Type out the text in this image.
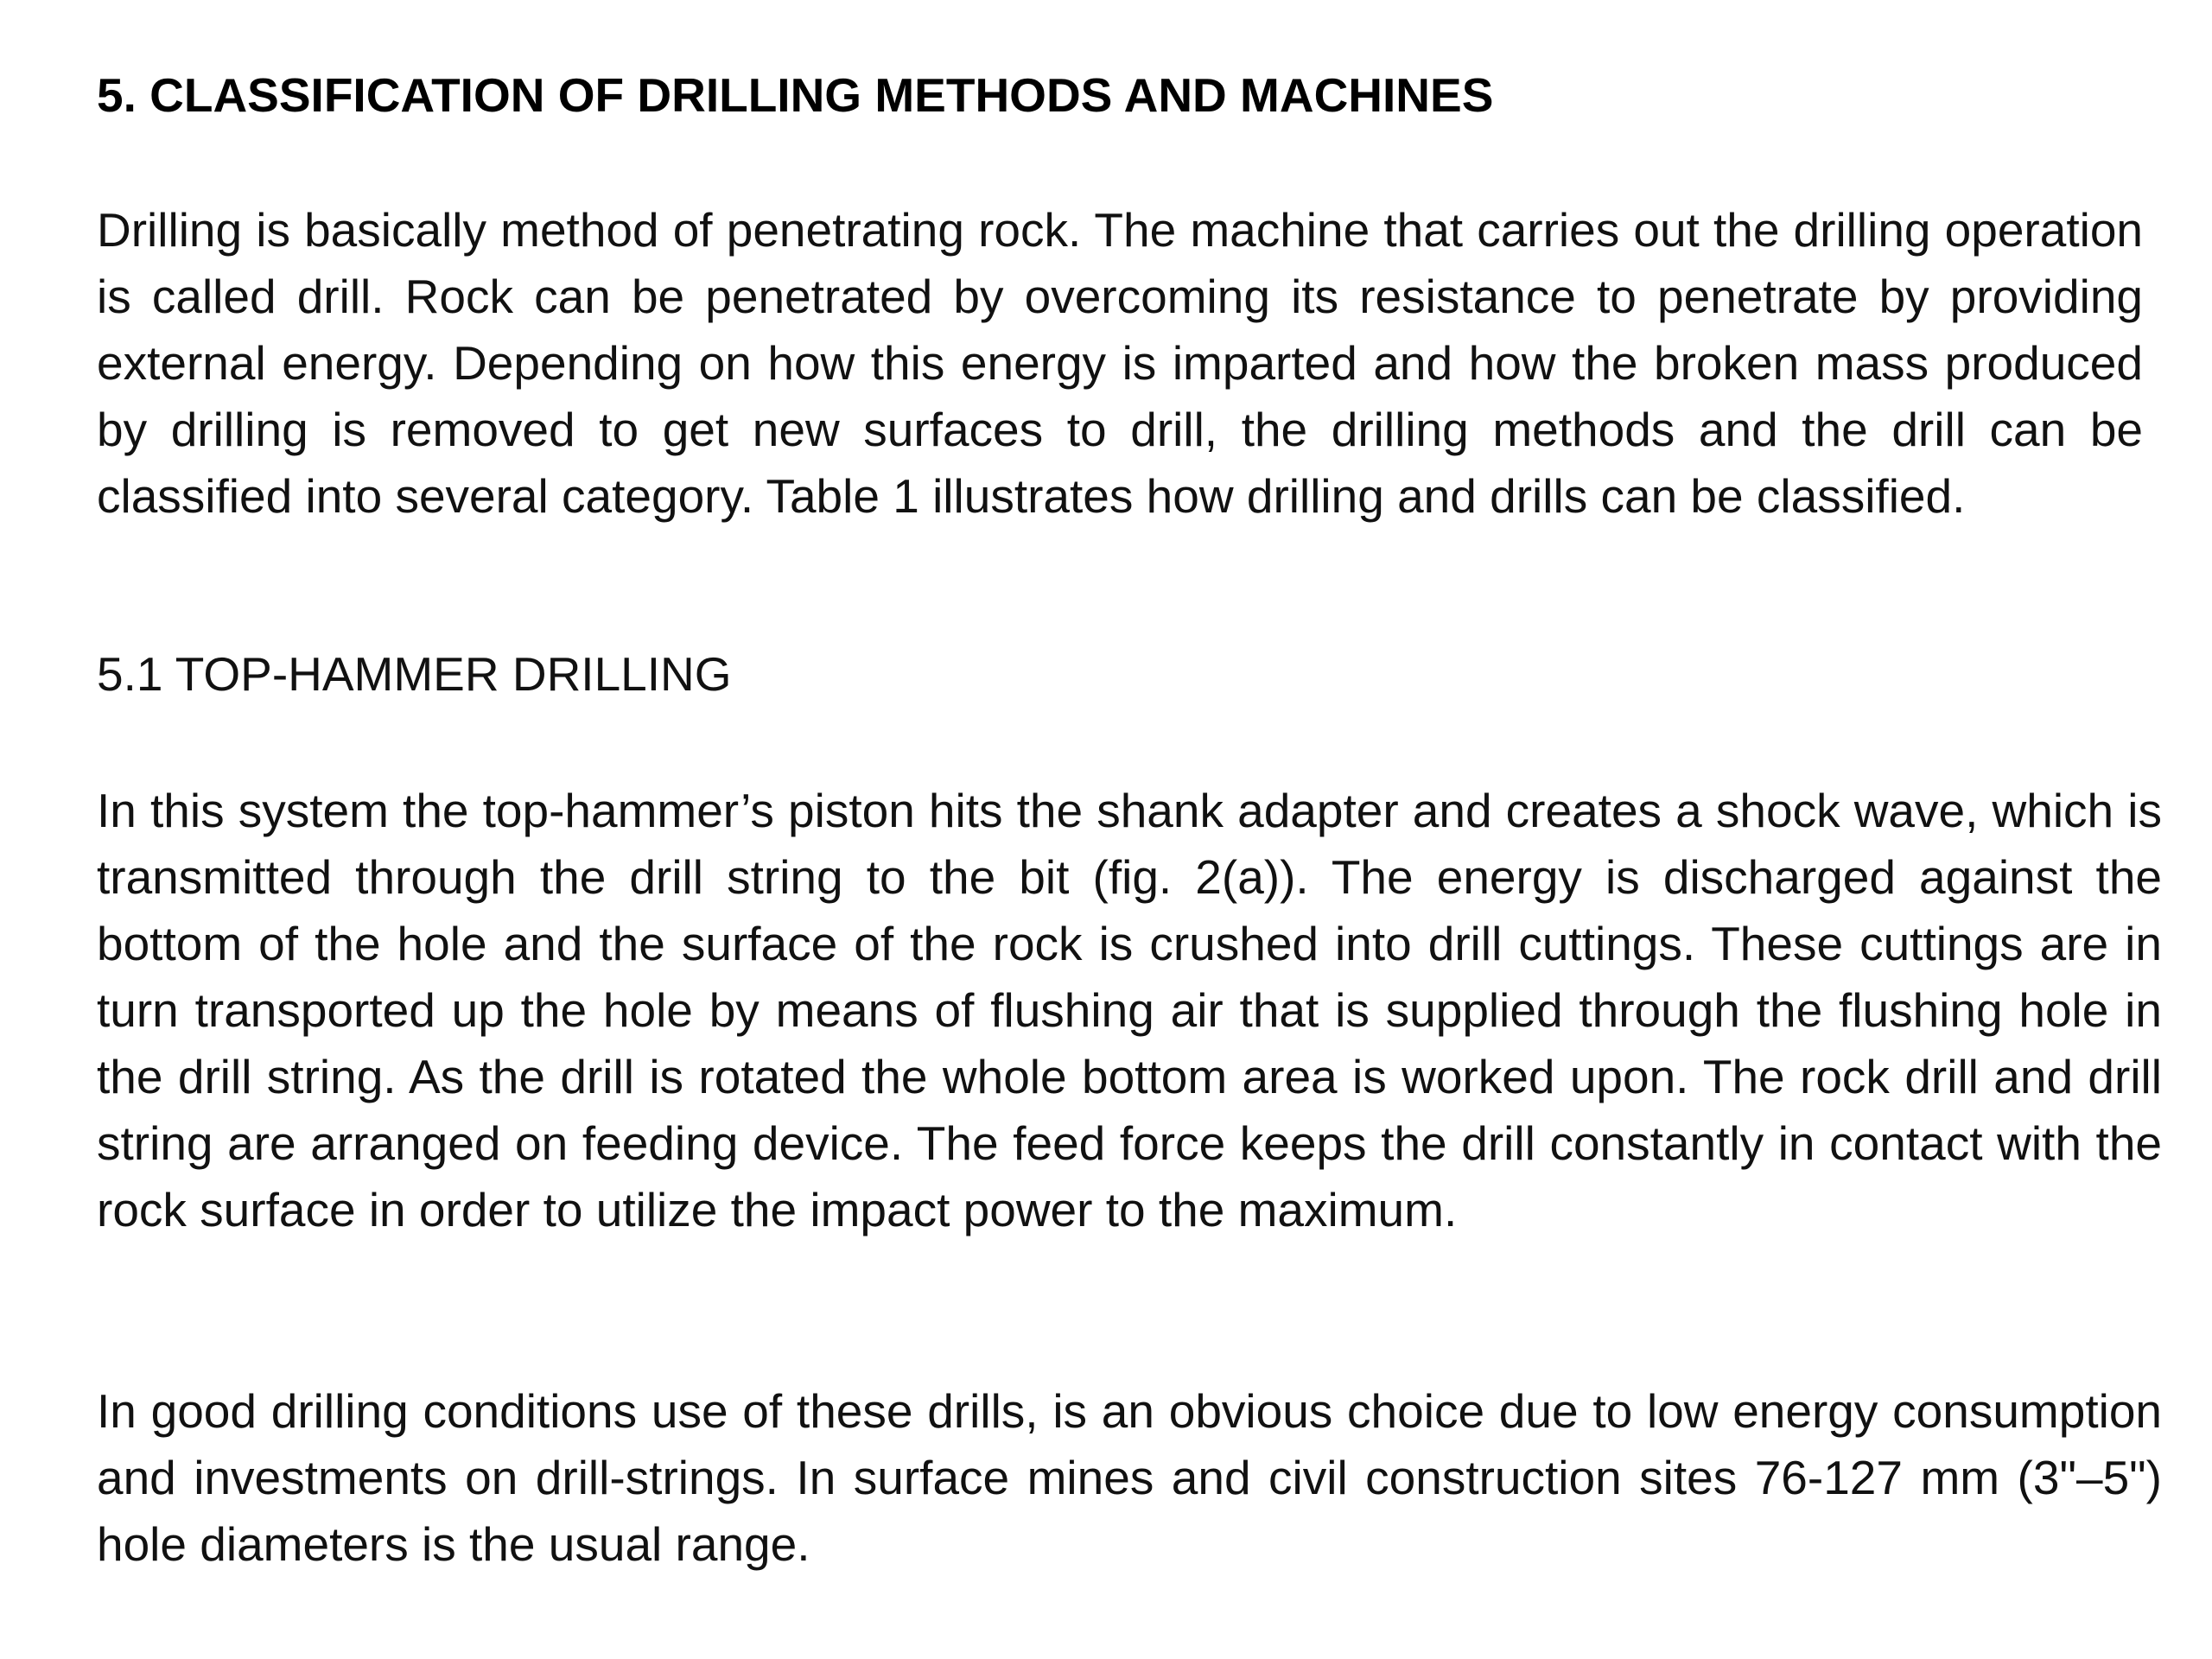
5. CLASSIFICATION OF DRILLING METHODS AND MACHINES

Drilling is basically method of penetrating rock. The machine that carries out the drilling operation is called drill. Rock can be penetrated by overcoming its resistance to penetrate by providing external energy. Depending on how this energy is imparted and how the broken mass produced by drilling is removed to get new surfaces to drill, the drilling methods and the drill can be classified into several category. Table 1 illustrates how drilling and drills can be classified.

5.1 TOP-HAMMER DRILLING

In this system the top-hammer’s piston hits the shank adapter and creates a shock wave, which is transmitted through the drill string to the bit (fig. 2(a)). The energy is discharged against the bottom of the hole and the surface of the rock is crushed into drill cuttings. These cuttings are in turn transported up the hole by means of flushing air that is supplied through the flushing hole in the drill string. As the drill is rotated the whole bottom area is worked upon. The rock drill and drill string are arranged on feeding device. The feed force keeps the drill constantly in contact with the rock surface in order to utilize the impact power to the maximum.

In good drilling conditions use of these drills, is an obvious choice due to low energy consumption and investments on drill-strings. In surface mines and civil construction sites 76-127 mm (3"–5") hole diameters is the usual range.
